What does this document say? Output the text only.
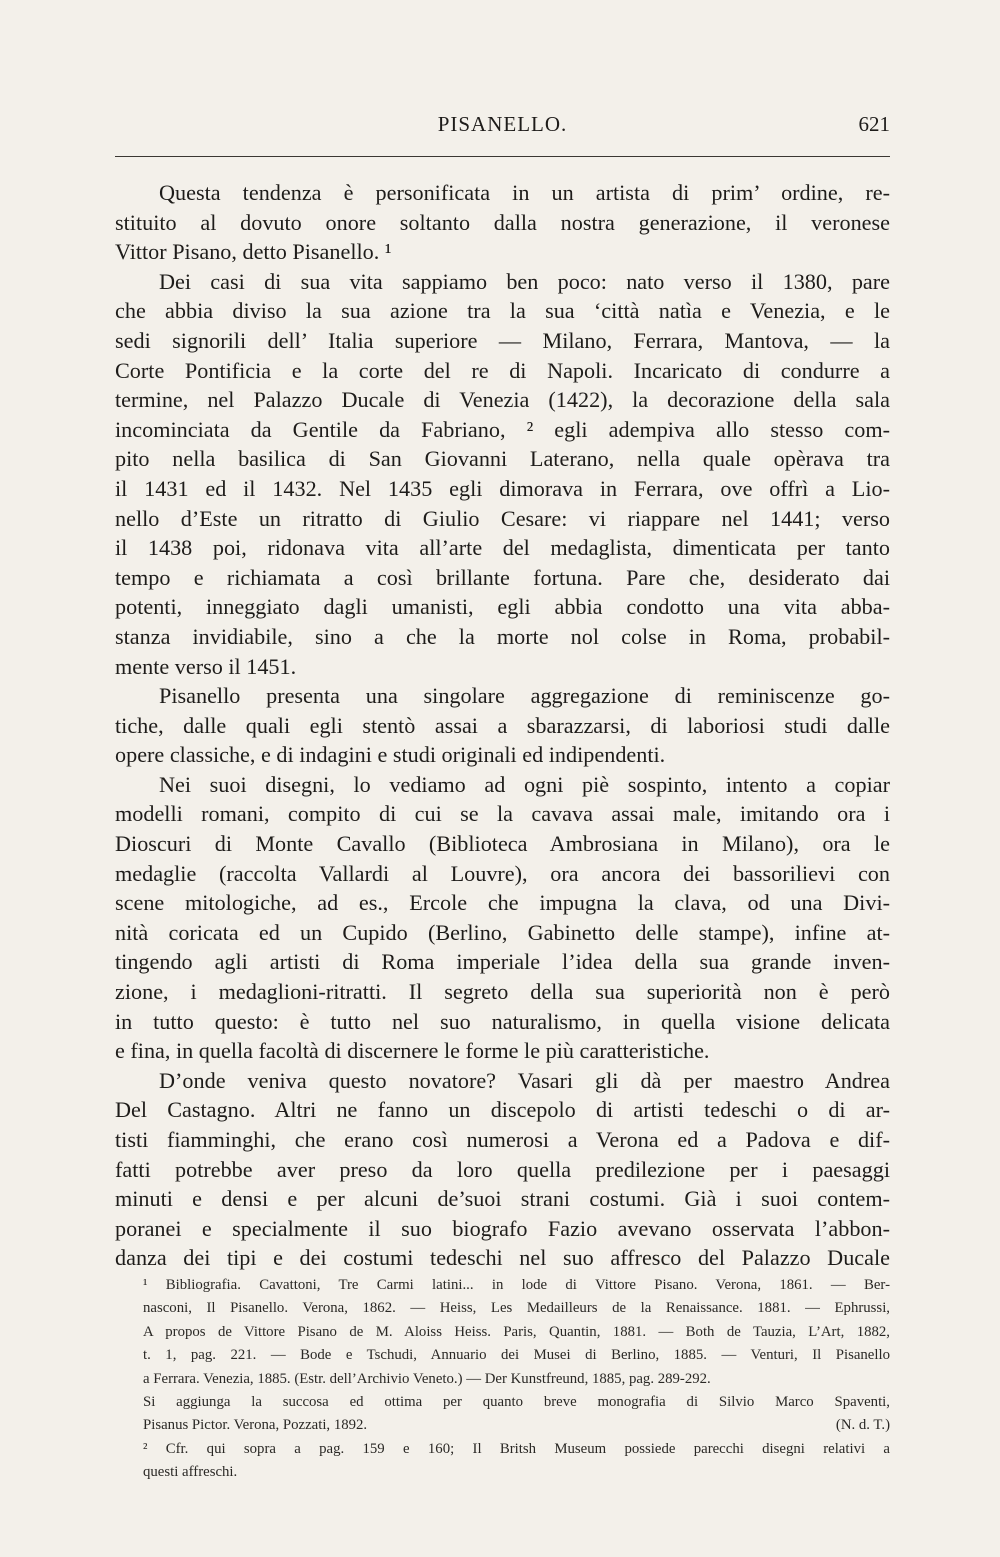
PISANELLO.	621

Questa tendenza è personificata in un artista di prim’ ordine, re-
stituito al dovuto onore soltanto dalla nostra generazione, il veronese
Vittor Pisano, detto Pisanello. ¹

Dei casi di sua vita sappiamo ben poco: nato verso il 1380, pare
che abbia diviso la sua azione tra la sua ‘città natìa e Venezia, e le
sedi signorili dell’ Italia superiore — Milano, Ferrara, Mantova, — la
Corte Pontificia e la corte del re di Napoli. Incaricato di condurre a
termine, nel Palazzo Ducale di Venezia (1422), la decorazione della sala
incominciata da Gentile da Fabriano, ² egli adempiva allo stesso com-
pito nella basilica di San Giovanni Laterano, nella quale opèrava tra
il 1431 ed il 1432. Nel 1435 egli dimorava in Ferrara, ove offrì a Lio-
nello d’Este un ritratto di Giulio Cesare: vi riappare nel 1441; verso
il 1438 poi, ridonava vita all’arte del medaglista, dimenticata per tanto
tempo e richiamata a così brillante fortuna. Pare che, desiderato dai
potenti, inneggiato dagli umanisti, egli abbia condotto una vita abba-
stanza invidiabile, sino a che la morte nol colse in Roma, probabil-
mente verso il 1451.

Pisanello presenta una singolare aggregazione di reminiscenze go-
tiche, dalle quali egli stentò assai a sbarazzarsi, di laboriosi studi dalle
opere classiche, e di indagini e studi originali ed indipendenti.

Nei suoi disegni, lo vediamo ad ogni piè sospinto, intento a copiar
modelli romani, compito di cui se la cavava assai male, imitando ora i
Dioscuri di Monte Cavallo (Biblioteca Ambrosiana in Milano), ora le
medaglie (raccolta Vallardi al Louvre), ora ancora dei bassorilievi con
scene mitologiche, ad es., Ercole che impugna la clava, od una Divi-
nità coricata ed un Cupido (Berlino, Gabinetto delle stampe), infine at-
tingendo agli artisti di Roma imperiale l’idea della sua grande inven-
zione, i medaglioni-ritratti. Il segreto della sua superiorità non è però
in tutto questo: è tutto nel suo naturalismo, in quella visione delicata
e fina, in quella facoltà di discernere le forme le più caratteristiche.

D’onde veniva questo novatore? Vasari gli dà per maestro Andrea
Del Castagno. Altri ne fanno un discepolo di artisti tedeschi o di ar-
tisti fiamminghi, che erano così numerosi a Verona ed a Padova e dif-
fatti potrebbe aver preso da loro quella predilezione per i paesaggi
minuti e densi e per alcuni de’suoi strani costumi. Già i suoi contem-
poranei e specialmente il suo biografo Fazio avevano osservata l’abbon-
danza dei tipi e dei costumi tedeschi nel suo affresco del Palazzo Ducale

¹ Bibliografia. Cavattoni, Tre Carmi latini... in lode di Vittore Pisano. Verona, 1861. — Ber-
nasconi, Il Pisanello. Verona, 1862. — Heiss, Les Medailleurs de la Renaissance. 1881. — Ephrussi,
A propos de Vittore Pisano de M. Aloiss Heiss. Paris, Quantin, 1881. — Both de Tauzia, L’Art, 1882,
t. 1, pag. 221. — Bode e Tschudi, Annuario dei Musei di Berlino, 1885. — Venturi, Il Pisanello
a Ferrara. Venezia, 1885. (Estr. dell’Archivio Veneto.) — Der Kunstfreund, 1885, pag. 289-292.

Si aggiunga la succosa ed ottima per quanto breve monografia di Silvio Marco Spaventi,
Pisanus Pictor. Verona, Pozzati, 1892.	(N. d. T.)

² Cfr. qui sopra a pag. 159 e 160; Il Britsh Museum possiede parecchi disegni relativi a
questi affreschi.
